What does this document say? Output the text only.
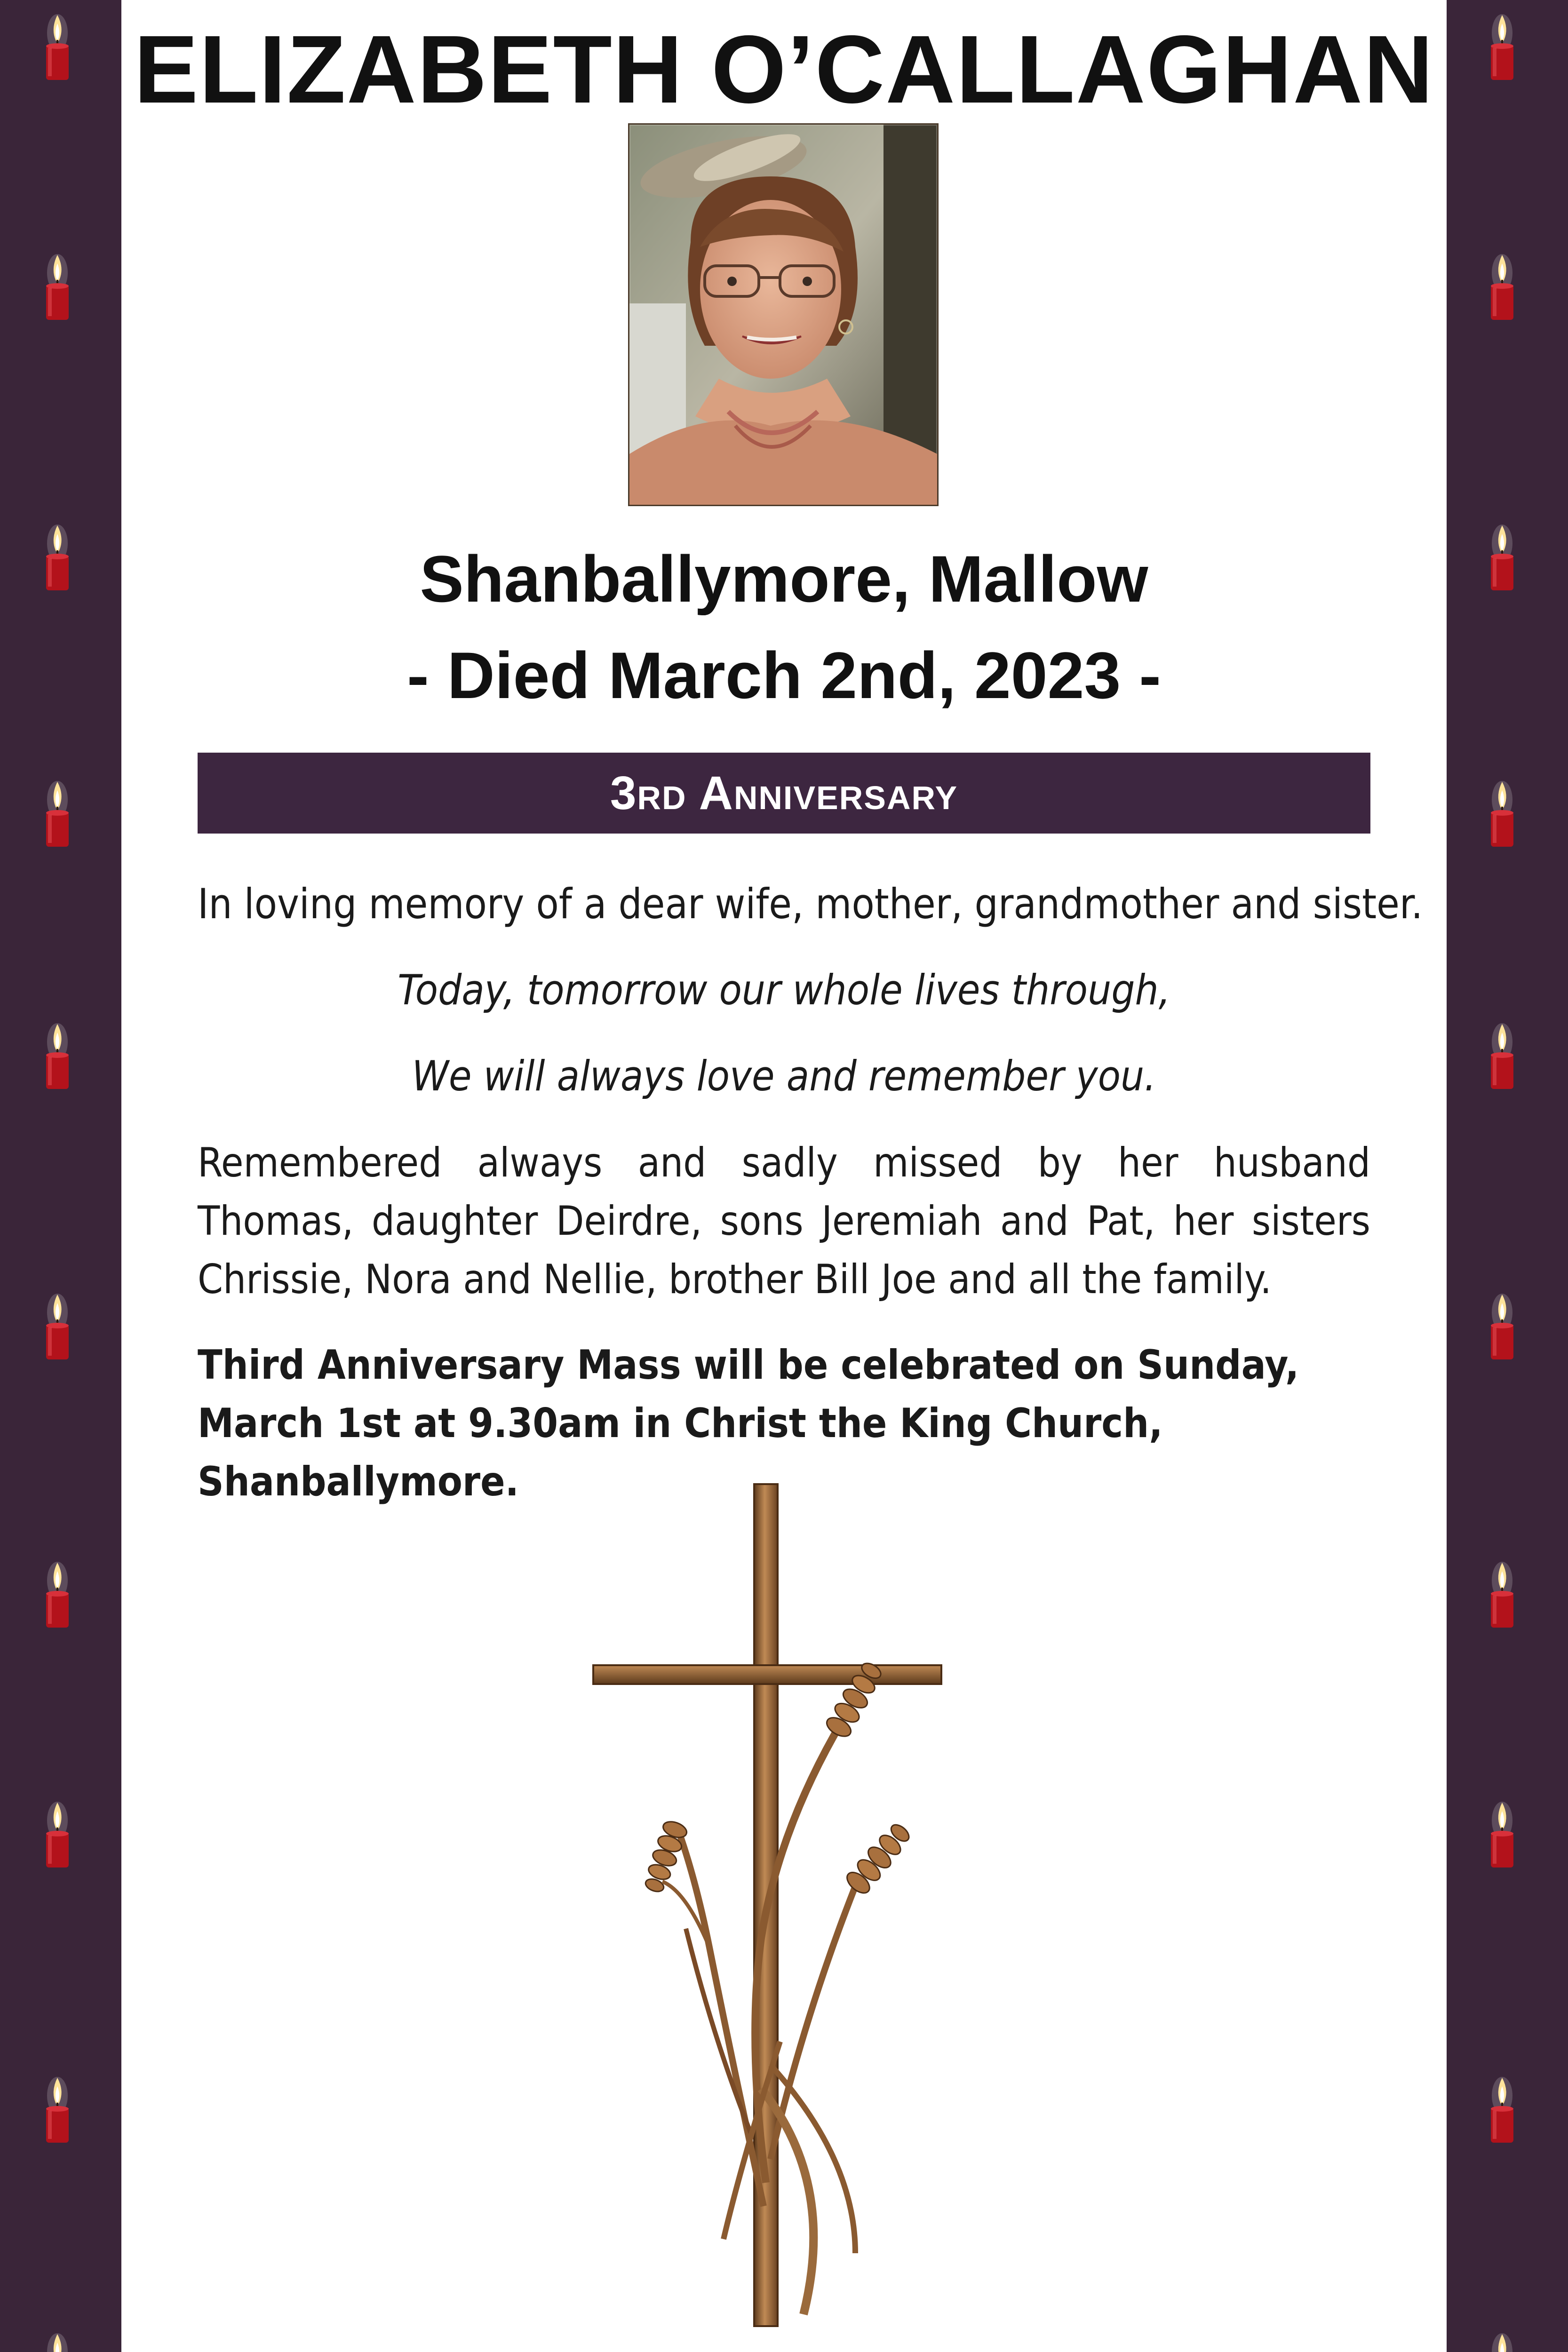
ELIZABETH O’CALLAGHAN

Shanballymore, Mallow

- Died March 2nd, 2023 -

3rd Anniversary

In loving memory of a dear wife, mother, grandmother and sister.

Today, tomorrow our whole lives through,

We will always love and remember you.

Remembered always and sadly missed by her husband Thomas, daughter Deirdre, sons Jeremiah and Pat, her sisters Chrissie, Nora and Nellie, brother Bill Joe and all the family.

Third Anniversary Mass will be celebrated on Sunday, March 1st at 9.30am in Christ the King Church, Shanballymore.
